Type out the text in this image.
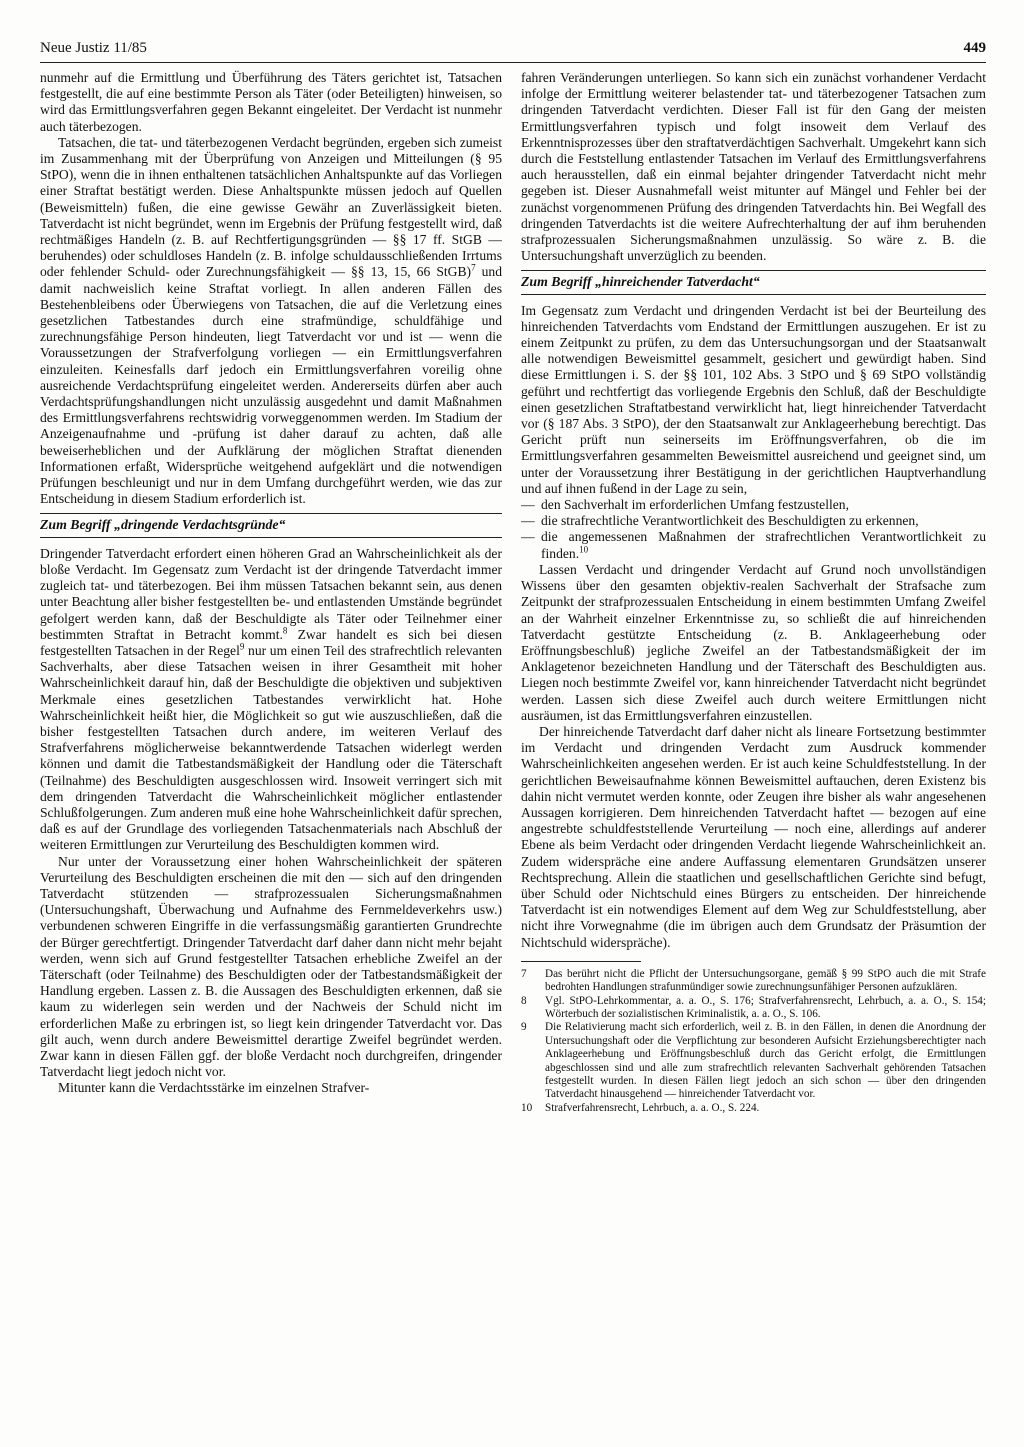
Neue Justiz 11/85	449

nunmehr auf die Ermittlung und Überführung des Täters gerichtet ist, Tatsachen festgestellt, die auf eine bestimmte Person als Täter (oder Beteiligten) hinweisen, so wird das Ermittlungsverfahren gegen Bekannt eingeleitet. Der Verdacht ist nunmehr auch täterbezogen.

Tatsachen, die tat- und täterbezogenen Verdacht begründen, ergeben sich zumeist im Zusammenhang mit der Überprüfung von Anzeigen und Mitteilungen (§ 95 StPO), wenn die in ihnen enthaltenen tatsächlichen Anhaltspunkte auf das Vorliegen einer Straftat bestätigt werden. Diese Anhaltspunkte müssen jedoch auf Quellen (Beweismitteln) fußen, die eine gewisse Gewähr an Zuverlässigkeit bieten. Tatverdacht ist nicht begründet, wenn im Ergebnis der Prüfung festgestellt wird, daß rechtmäßiges Handeln (z. B. auf Rechtfertigungsgründen — §§ 17 ff. StGB — beruhendes) oder schuldloses Handeln (z. B. infolge schuldausschließenden Irrtums oder fehlender Schuld- oder Zurechnungsfähigkeit — §§ 13, 15, 66 StGB)$^7$ und damit nachweislich keine Straftat vorliegt. In allen anderen Fällen des Bestehenbleibens oder Überwiegens von Tatsachen, die auf die Verletzung eines gesetzlichen Tatbestandes durch eine strafmündige, schuldfähige und zurechnungsfähige Person hindeuten, liegt Tatverdacht vor und ist — wenn die Voraussetzungen der Strafverfolgung vorliegen — ein Ermittlungsverfahren einzuleiten. Keinesfalls darf jedoch ein Ermittlungsverfahren voreilig ohne ausreichende Verdachtsprüfung eingeleitet werden. Andererseits dürfen aber auch Verdachtsprüfungshandlungen nicht unzulässig ausgedehnt und damit Maßnahmen des Ermittlungsverfahrens rechtswidrig vorweggenommen werden. Im Stadium der Anzeigenaufnahme und -prüfung ist daher darauf zu achten, daß alle beweiserheblichen und der Aufklärung der möglichen Straftat dienenden Informationen erfaßt, Widersprüche weitgehend aufgeklärt und die notwendigen Prüfungen beschleunigt und nur in dem Umfang durchgeführt werden, wie das zur Entscheidung in diesem Stadium erforderlich ist.

Zum Begriff „dringende Verdachtsgründe“

Dringender Tatverdacht erfordert einen höheren Grad an Wahrscheinlichkeit als der bloße Verdacht. Im Gegensatz zum Verdacht ist der dringende Tatverdacht immer zugleich tat- und täterbezogen. Bei ihm müssen Tatsachen bekannt sein, aus denen unter Beachtung aller bisher festgestellten be- und entlastenden Umstände begründet gefolgert werden kann, daß der Beschuldigte als Täter oder Teilnehmer einer bestimmten Straftat in Betracht kommt.$^8$ Zwar handelt es sich bei diesen festgestellten Tatsachen in der Regel$^9$ nur um einen Teil des strafrechtlich relevanten Sachverhalts, aber diese Tatsachen weisen in ihrer Gesamtheit mit hoher Wahrscheinlichkeit darauf hin, daß der Beschuldigte die objektiven und subjektiven Merkmale eines gesetzlichen Tatbestandes verwirklicht hat. Hohe Wahrscheinlichkeit heißt hier, die Möglichkeit so gut wie auszuschließen, daß die bisher festgestellten Tatsachen durch andere, im weiteren Verlauf des Strafverfahrens möglicherweise bekanntwerdende Tatsachen widerlegt werden können und damit die Tatbestandsmäßigkeit der Handlung oder die Täterschaft (Teilnahme) des Beschuldigten ausgeschlossen wird. Insoweit verringert sich mit dem dringenden Tatverdacht die Wahrscheinlichkeit möglicher entlastender Schlußfolgerungen. Zum anderen muß eine hohe Wahrscheinlichkeit dafür sprechen, daß es auf der Grundlage des vorliegenden Tatsachenmaterials nach Abschluß der weiteren Ermittlungen zur Verurteilung des Beschuldigten kommen wird.

Nur unter der Voraussetzung einer hohen Wahrscheinlichkeit der späteren Verurteilung des Beschuldigten erscheinen die mit den — sich auf den dringenden Tatverdacht stützenden — strafprozessualen Sicherungsmaßnahmen (Untersuchungshaft, Überwachung und Aufnahme des Fernmeldeverkehrs usw.) verbundenen schweren Eingriffe in die verfassungsmäßig garantierten Grundrechte der Bürger gerechtfertigt. Dringender Tatverdacht darf daher dann nicht mehr bejaht werden, wenn sich auf Grund festgestellter Tatsachen erhebliche Zweifel an der Täterschaft (oder Teilnahme) des Beschuldigten oder der Tatbestandsmäßigkeit der Handlung ergeben. Lassen z. B. die Aussagen des Beschuldigten erkennen, daß sie kaum zu widerlegen sein werden und der Nachweis der Schuld nicht im erforderlichen Maße zu erbringen ist, so liegt kein dringender Tatverdacht vor. Das gilt auch, wenn durch andere Beweismittel derartige Zweifel begründet werden. Zwar kann in diesen Fällen ggf. der bloße Verdacht noch durchgreifen, dringender Tatverdacht liegt jedoch nicht vor.

Mitunter kann die Verdachtsstärke im einzelnen Strafver-

fahren Veränderungen unterliegen. So kann sich ein zunächst vorhandener Verdacht infolge der Ermittlung weiterer belastender tat- und täterbezogener Tatsachen zum dringenden Tatverdacht verdichten. Dieser Fall ist für den Gang der meisten Ermittlungsverfahren typisch und folgt insoweit dem Verlauf des Erkenntnisprozesses über den straftatverdächtigen Sachverhalt. Umgekehrt kann sich durch die Feststellung entlastender Tatsachen im Verlauf des Ermittlungsverfahrens auch herausstellen, daß ein einmal bejahter dringender Tatverdacht nicht mehr gegeben ist. Dieser Ausnahmefall weist mitunter auf Mängel und Fehler bei der zunächst vorgenommenen Prüfung des dringenden Tatverdachts hin. Bei Wegfall des dringenden Tatverdachts ist die weitere Aufrechterhaltung der auf ihm beruhenden strafprozessualen Sicherungsmaßnahmen unzulässig. So wäre z. B. die Untersuchungshaft unverzüglich zu beenden.

Zum Begriff „hinreichender Tatverdacht“

Im Gegensatz zum Verdacht und dringenden Verdacht ist bei der Beurteilung des hinreichenden Tatverdachts vom Endstand der Ermittlungen auszugehen. Er ist zu einem Zeitpunkt zu prüfen, zu dem das Untersuchungsorgan und der Staatsanwalt alle notwendigen Beweismittel gesammelt, gesichert und gewürdigt haben. Sind diese Ermittlungen i. S. der §§ 101, 102 Abs. 3 StPO und § 69 StPO vollständig geführt und rechtfertigt das vorliegende Ergebnis den Schluß, daß der Beschuldigte einen gesetzlichen Straftatbestand verwirklicht hat, liegt hinreichender Tatverdacht vor (§ 187 Abs. 3 StPO), der den Staatsanwalt zur Anklageerhebung berechtigt. Das Gericht prüft nun seinerseits im Eröffnungsverfahren, ob die im Ermittlungsverfahren gesammelten Beweismittel ausreichend und geeignet sind, um unter der Voraussetzung ihrer Bestätigung in der gerichtlichen Hauptverhandlung und auf ihnen fußend in der Lage zu sein,

— den Sachverhalt im erforderlichen Umfang festzustellen,
— die strafrechtliche Verantwortlichkeit des Beschuldigten zu erkennen,
— die angemessenen Maßnahmen der strafrechtlichen Verantwortlichkeit zu finden.$^{10}$

Lassen Verdacht und dringender Verdacht auf Grund noch unvollständigen Wissens über den gesamten objektiv-realen Sachverhalt der Strafsache zum Zeitpunkt der strafprozessualen Entscheidung in einem bestimmten Umfang Zweifel an der Wahrheit einzelner Erkenntnisse zu, so schließt die auf hinreichenden Tatverdacht gestützte Entscheidung (z. B. Anklageerhebung oder Eröffnungsbeschluß) jegliche Zweifel an der Tatbestandsmäßigkeit der im Anklagetenor bezeichneten Handlung und der Täterschaft des Beschuldigten aus. Liegen noch bestimmte Zweifel vor, kann hinreichender Tatverdacht nicht begründet werden. Lassen sich diese Zweifel auch durch weitere Ermittlungen nicht ausräumen, ist das Ermittlungsverfahren einzustellen.

Der hinreichende Tatverdacht darf daher nicht als lineare Fortsetzung bestimmter im Verdacht und dringenden Verdacht zum Ausdruck kommender Wahrscheinlichkeiten angesehen werden. Er ist auch keine Schuldfeststellung. In der gerichtlichen Beweisaufnahme können Beweismittel auftauchen, deren Existenz bis dahin nicht vermutet werden konnte, oder Zeugen ihre bisher als wahr angesehenen Aussagen korrigieren. Dem hinreichenden Tatverdacht haftet — bezogen auf eine angestrebte schuldfeststellende Verurteilung — noch eine, allerdings auf anderer Ebene als beim Verdacht oder dringenden Verdacht liegende Wahrscheinlichkeit an. Zudem widerspräche eine andere Auffassung elementaren Grundsätzen unserer Rechtsprechung. Allein die staatlichen und gesellschaftlichen Gerichte sind befugt, über Schuld oder Nichtschuld eines Bürgers zu entscheiden. Der hinreichende Tatverdacht ist ein notwendiges Element auf dem Weg zur Schuldfeststellung, aber nicht ihre Vorwegnahme (die im übrigen auch dem Grundsatz der Präsumtion der Nichtschuld widerspräche).

7	Das berührt nicht die Pflicht der Untersuchungsorgane, gemäß § 99 StPO auch die mit Strafe bedrohten Handlungen strafunmündiger sowie zurechnungsunfähiger Personen aufzuklären.
8	Vgl. StPO-Lehrkommentar, a. a. O., S. 176; Strafverfahrensrecht, Lehrbuch, a. a. O., S. 154; Wörterbuch der sozialistischen Kriminalistik, a. a. O., S. 106.
9	Die Relativierung macht sich erforderlich, weil z. B. in den Fällen, in denen die Anordnung der Untersuchungshaft oder die Verpflichtung zur besonderen Aufsicht Erziehungsberechtigter nach Anklageerhebung und Eröffnungsbeschluß durch das Gericht erfolgt, die Ermittlungen abgeschlossen sind und alle zum strafrechtlich relevanten Sachverhalt gehörenden Tatsachen festgestellt wurden. In diesen Fällen liegt jedoch an sich schon — über den dringenden Tatverdacht hinausgehend — hinreichender Tatverdacht vor.
10	Strafverfahrensrecht, Lehrbuch, a. a. O., S. 224.
